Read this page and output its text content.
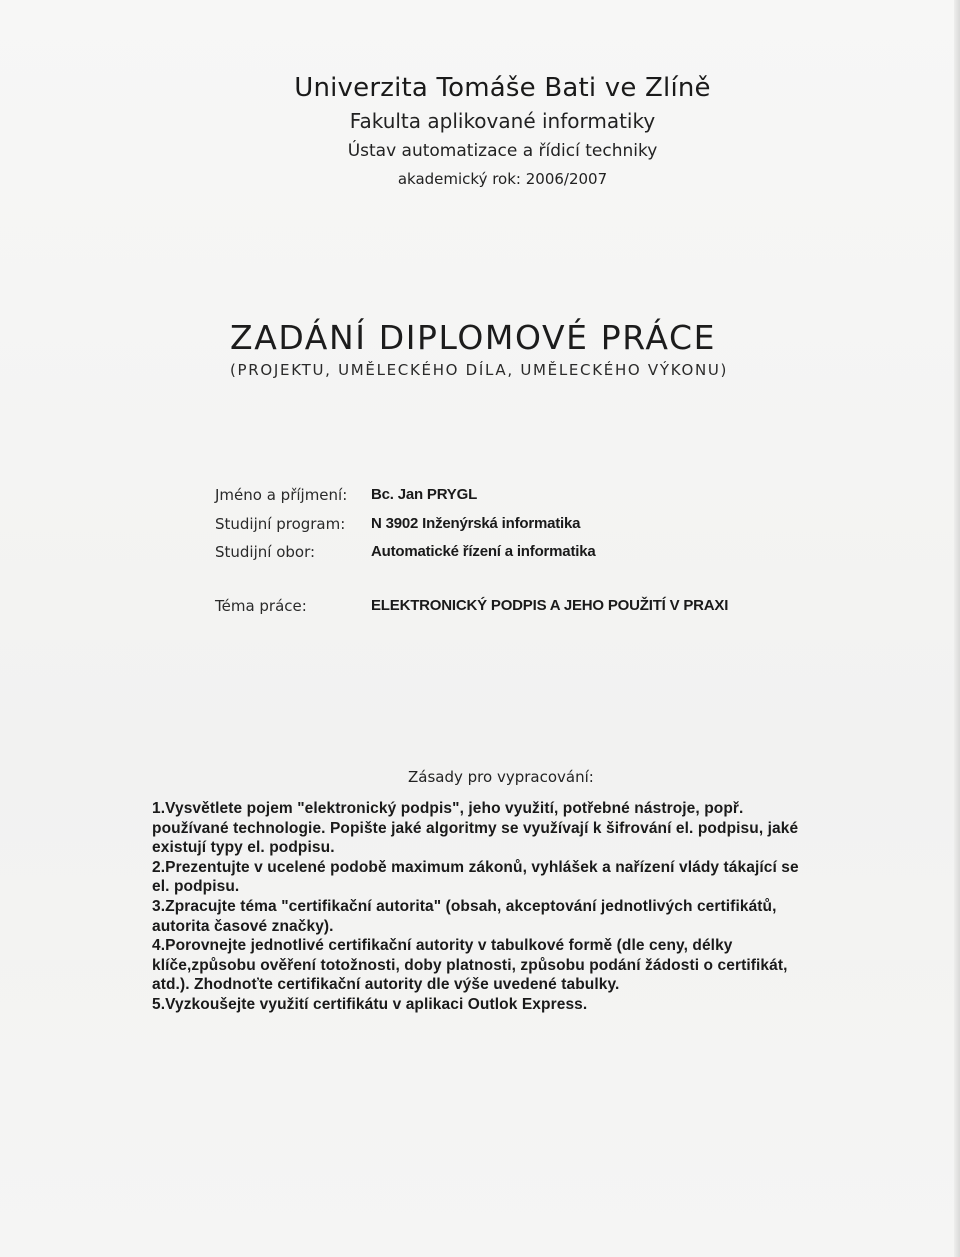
Univerzita Tomáše Bati ve Zlíně
Fakulta aplikované informatiky
Ústav automatizace a řídicí techniky
akademický rok: 2006/2007
ZADÁNÍ DIPLOMOVÉ PRÁCE
(PROJEKTU, UMĚLECKÉHO DÍLA, UMĚLECKÉHO VÝKONU)
Jméno a příjmení: Bc. Jan PRYGL
Studijní program: N 3902 Inženýrská informatika
Studijní obor:	Automatické řízení a informatika
Téma práce:	ELEKTRONICKÝ PODPIS A JEHO POUŽITÍ V PRAXI
Zásady pro vypracování:
1.Vysvětlete pojem "elektronický podpis", jeho využití, potřebné nástroje, popř.
používané technologie. Popište jaké algoritmy se využívají k šifrování el. podpisu, jaké
existují typy el. podpisu.
2.Prezentujte v ucelené podobě maximum zákonů, vyhlášek a nařízení vlády tákající se
el. podpisu.
3.Zpracujte téma "certifikační autorita" (obsah, akceptování jednotlivých certifikátů,
autorita časové značky).
4.Porovnejte jednotlivé certifikační autority v tabulkové formě (dle ceny, délky
klíče,způsobu ověření totožnosti, doby platnosti, způsobu podání žádosti o certifikát,
atd.). Zhodnoťte certifikační autority dle výše uvedené tabulky.
5.Vyzkoušejte využití certifikátu v aplikaci Outlok Express.
